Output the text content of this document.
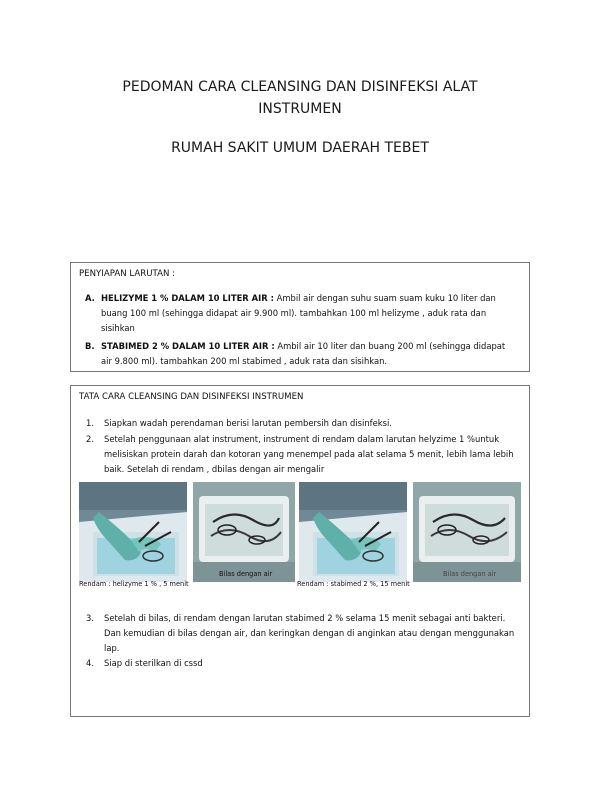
PEDOMAN CARA CLEANSING DAN DISINFEKSI ALAT
INSTRUMEN
RUMAH SAKIT UMUM DAERAH TEBET
PENYIAPAN LARUTAN :
A. HELIZYME 1 % DALAM 10 LITER AIR : Ambil air dengan suhu suam suam kuku 10 liter dan buang 100 ml (sehingga didapat air 9.900 ml). tambahkan 100 ml helizyme , aduk rata dan sisihkan
B. STABIMED 2 % DALAM 10 LITER AIR : Ambil air 10 liter dan buang 200 ml (sehingga didapat air 9.800 ml). tambahkan 200 ml stabimed , aduk rata dan sisihkan.
TATA CARA CLEANSING DAN DISINFEKSI INSTRUMEN
1.	Siapkan wadah perendaman berisi larutan pembersih dan disinfeksi.
2.	Setelah penggunaan alat instrument, instrument di rendam dalam larutan helyzime 1 %untuk melisiskan protein darah dan kotoran yang menempel pada alat selama 5 menit, lebih lama lebih baik. Setelah di rendam , dbilas dengan air mengalir
Rendam : helizyme 1 % , 5 menit
Bilas dengan air
Rendam : stabimed 2 %, 15 menit
Bilas dengan air
3.	Setelah di bilas, di rendam dengan larutan stabimed 2 % selama 15 menit sebagai anti bakteri. Dan kemudian di bilas dengan air, dan keringkan dengan di anginkan atau dengan menggunakan lap.
4.	Siap di sterilkan di cssd
